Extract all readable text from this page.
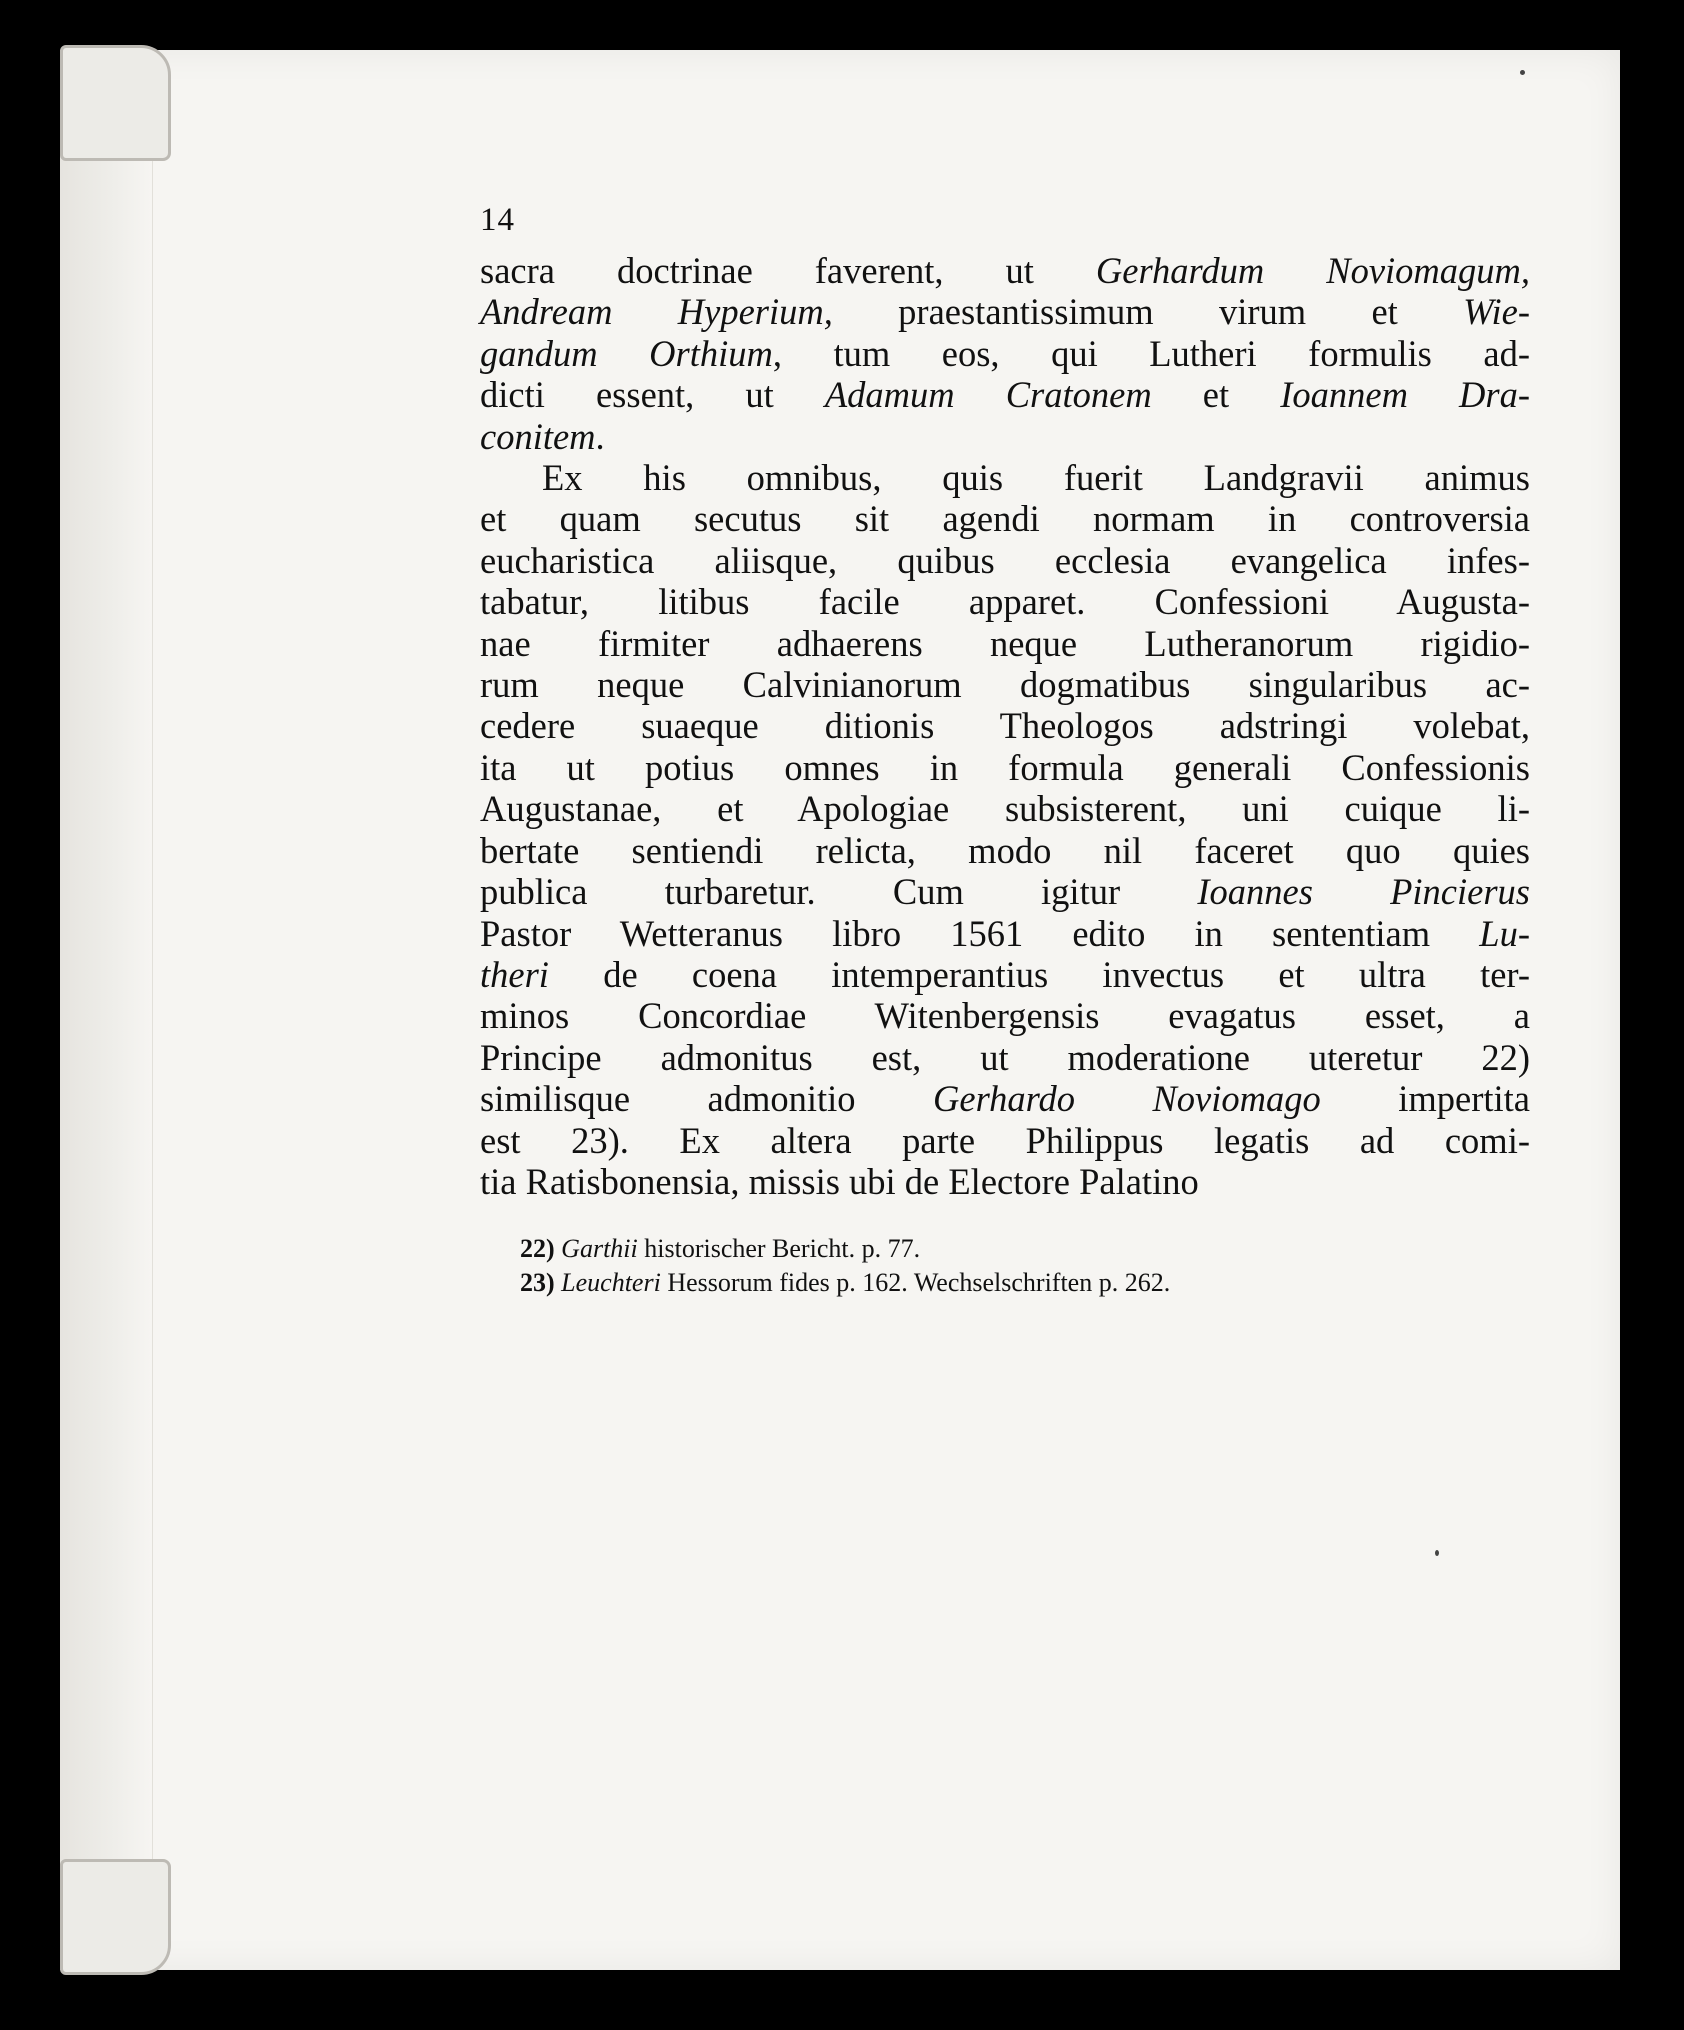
14
sacra doctrinae faverent, ut Gerhardum Noviomagum,
Andream Hyperium, praestantissimum virum et Wie-
gandum Orthium, tum eos, qui Lutheri formulis ad-
dicti essent, ut Adamum Cratonem et Ioannem Dra-
conitem.
Ex his omnibus, quis fuerit Landgravii animus
et quam secutus sit agendi normam in controversia
eucharistica aliisque, quibus ecclesia evangelica infes-
tabatur, litibus facile apparet. Confessioni Augusta-
nae firmiter adhaerens neque Lutheranorum rigidio-
rum neque Calvinianorum dogmatibus singularibus ac-
cedere suaeque ditionis Theologos adstringi volebat,
ita ut potius omnes in formula generali Confessionis
Augustanae, et Apologiae subsisterent, uni cuique li-
bertate sentiendi relicta, modo nil faceret quo quies
publica turbaretur. Cum igitur Ioannes Pincierus
Pastor Wetteranus libro 1561 edito in sententiam Lu-
theri de coena intemperantius invectus et ultra ter-
minos Concordiae Witenbergensis evagatus esset, a
Principe admonitus est, ut moderatione uteretur 22)
similisque admonitio Gerhardo Noviomago impertita
est 23). Ex altera parte Philippus legatis ad comi-
tia Ratisbonensia, missis ubi de Electore Palatino
22) Garthii historischer Bericht. p. 77.
23) Leuchteri Hessorum fides p. 162. Wechselschriften p. 262.
